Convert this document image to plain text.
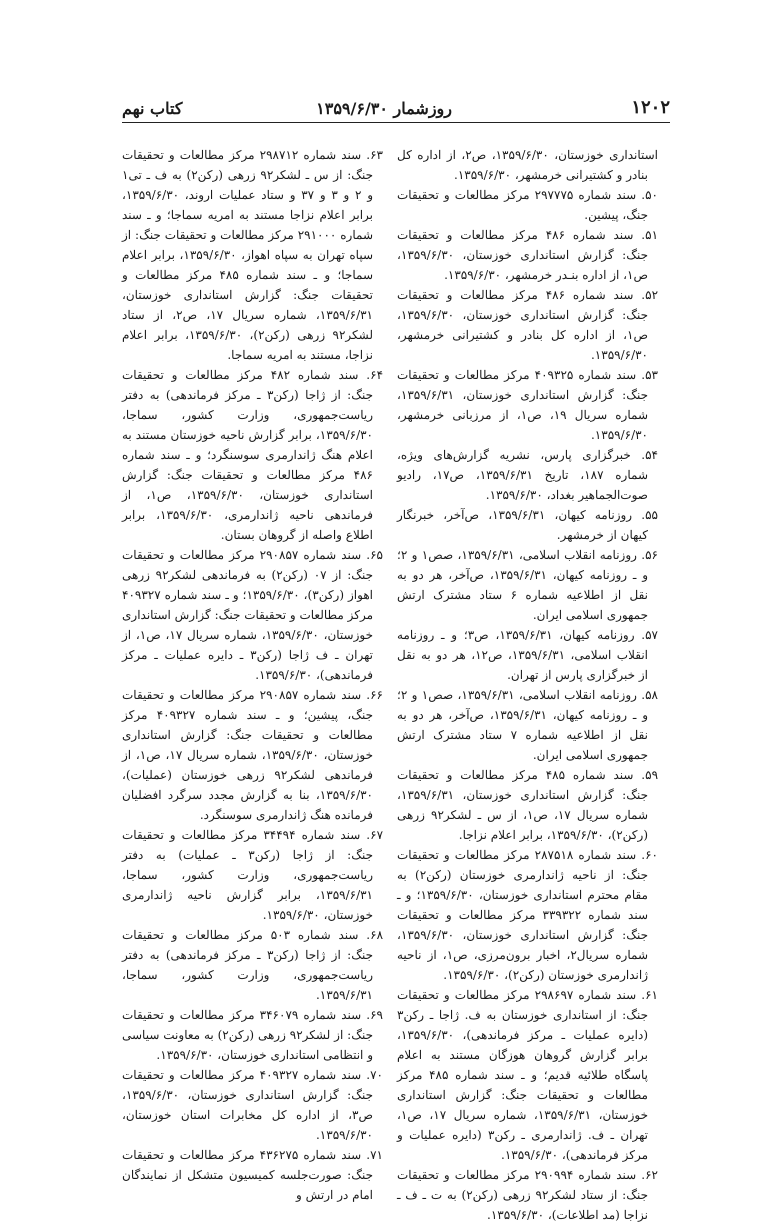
۱۲۰۲
روزشمار ۱۳۵۹/۶/۳۰
کتاب نهم

استانداری خوزستان، ۱۳۵۹/۶/۳۰، ص۲، از اداره کل بنادر و کشتیرانی خرمشهر، ۱۳۵۹/۶/۳۰.

۵۰. سند شماره ۲۹۷۷۷۵ مرکز مطالعات و تحقیقات جنگ، پیشین.

۵۱. سند شماره ۴۸۶ مرکز مطالعات و تحقیقات جنگ: گزارش استانداری خوزستان، ۱۳۵۹/۶/۳۰، ص۱، از اداره بنـدر خرمشهر، ۱۳۵۹/۶/۳۰.

۵۲. سند شماره ۴۸۶ مرکز مطالعات و تحقیقات جنگ: گزارش استانداری خوزستان، ۱۳۵۹/۶/۳۰، ص۱، از اداره کل بنادر و کشتیرانی خرمشهر، ۱۳۵۹/۶/۳۰.

۵۳. سند شماره ۴۰۹۳۲۵ مرکز مطالعات و تحقیقات جنگ: گزارش استانداری خوزستان، ۱۳۵۹/۶/۳۱، شماره سریال ۱۹، ص۱، از مرزبانی خرمشهر، ۱۳۵۹/۶/۳۰.

۵۴. خبرگزاری پارس، نشریه گزارش‌های ویژه، شماره ۱۸۷، تاریخ ۱۳۵۹/۶/۳۱، ص۱۷، رادیو صوت‌الجماهیر بغداد، ۱۳۵۹/۶/۳۰.

۵۵. روزنامه کیهان، ۱۳۵۹/۶/۳۱، ص‌آخر، خبرنگار کیهان از خرمشهر.

۵۶. روزنامه انقلاب اسلامی، ۱۳۵۹/۶/۳۱، صص۱ و ۲؛ و ـ روزنامه کیهان، ۱۳۵۹/۶/۳۱، ص‌آخر، هر دو به نقل از اطلاعیه شماره ۶ ستاد مشترک ارتش جمهوری اسلامی ایران.

۵۷. روزنامه کیهان، ۱۳۵۹/۶/۳۱، ص۳؛ و ـ روزنامه انقلاب اسلامی، ۱۳۵۹/۶/۳۱، ص۱۲، هر دو به نقل از خبرگزاری پارس از تهران.

۵۸. روزنامه انقلاب اسلامی، ۱۳۵۹/۶/۳۱، صص۱ و ۲؛ و ـ روزنامه کیهان، ۱۳۵۹/۶/۳۱، ص‌آخر، هر دو به نقل از اطلاعیه شماره ۷ ستاد مشترک ارتش جمهوری اسلامی ایران.

۵۹. سند شماره ۴۸۵ مرکز مطالعات و تحقیقات جنگ: گزارش استانداری خوزستان، ۱۳۵۹/۶/۳۱، شماره سریال ۱۷، ص۱، از س ـ لشکر۹۲ زرهی (رکن۲)، ۱۳۵۹/۶/۳۰، برابر اعلام نزاجا.

۶۰. سند شماره ۲۸۷۵۱۸ مرکز مطالعات و تحقیقات جنگ: از ناحیه ژاندارمری خوزستان (رکن۲) به مقام محترم استانداری خوزستان، ۱۳۵۹/۶/۳۰؛ و ـ سند شماره ۳۳۹۳۲۲ مرکز مطالعات و تحقیقات جنگ: گزارش استانداری خوزستان، ۱۳۵۹/۶/۳۰، شماره سریال۲، اخبار برون‌مرزی، ص۱، از ناحیه ژاندارمری خوزستان (رکن۲)، ۱۳۵۹/۶/۳۰.

۶۱. سند شماره ۲۹۸۶۹۷ مرکز مطالعات و تحقیقات جنگ: از استانداری خوزستان به ف. ژاجا ـ رکن۳ (دایره عملیات ـ مرکز فرماندهی)، ۱۳۵۹/۶/۳۰، برابر گزارش گروهان هوزگان مستند به اعلام پاسگاه طلائیه قدیم؛ و ـ سند شماره ۴۸۵ مرکز مطالعات و تحقیقات جنگ: گزارش استانداری خوزستان، ۱۳۵۹/۶/۳۱، شماره سریال ۱۷، ص۱، تهران ـ ف. ژاندارمری ـ رکن۳ (دایره عملیات و مرکز فرماندهی)، ۱۳۵۹/۶/۳۰.

۶۲. سند شماره ۲۹۰۹۹۴ مرکز مطالعات و تحقیقات جنگ: از ستاد لشکر۹۲ زرهی (رکن۲) به ت ـ ف ـ نزاجا (مد اطلاعات)، ۱۳۵۹/۶/۳۰.

۶۳. سند شماره ۲۹۸۷۱۲ مرکز مطالعات و تحقیقات جنگ: از س ـ لشکر۹۲ زرهی (رکن۲) به ف ـ تی۱ و ۲ و ۳ و ۳۷ و ستاد عملیات اروند، ۱۳۵۹/۶/۳۰، برابر اعلام نزاجا مستند به امریه سماجا؛ و ـ سند شماره ۲۹۱۰۰۰ مرکز مطالعات و تحقیقات جنگ: از سپاه تهران به سپاه اهواز، ۱۳۵۹/۶/۳۰، برابر اعلام سماجا؛ و ـ سند شماره ۴۸۵ مرکز مطالعات و تحقیقات جنگ: گزارش استانداری خوزستان، ۱۳۵۹/۶/۳۱، شماره سریال ۱۷، ص۲، از ستاد لشکر۹۲ زرهی (رکن۲)، ۱۳۵۹/۶/۳۰، برابر اعلام نزاجا، مستند به امریه سماجا.

۶۴. سند شماره ۴۸۲ مرکز مطالعات و تحقیقات جنگ: از ژاجا (رکن۳ ـ مرکز فرماندهی) به دفتر ریاست‌جمهوری، وزارت کشور، سماجا، ۱۳۵۹/۶/۳۰، برابر گزارش ناحیه خوزستان مستند به اعلام هنگ ژاندارمری سوسنگرد؛ و ـ سند شماره ۴۸۶ مرکز مطالعات و تحقیقات جنگ: گزارش استانداری خوزستان، ۱۳۵۹/۶/۳۰، ص۱، از فرماندهی ناحیه ژاندارمری، ۱۳۵۹/۶/۳۰، برابر اطلاع واصله از گروهان بستان.

۶۵. سند شماره ۲۹۰۸۵۷ مرکز مطالعات و تحقیقات جنگ: از ۰۷ (رکن۲) به فرماندهی لشکر۹۲ زرهی اهواز (رکن۳)، ۱۳۵۹/۶/۳۰؛ و ـ سند شماره ۴۰۹۳۲۷ مرکز مطالعات و تحقیقات جنگ: گزارش استانداری خوزستان، ۱۳۵۹/۶/۳۰، شماره سریال ۱۷، ص۱، از تهران ـ ف ژاجا (رکن۳ ـ دایره عملیات ـ مرکز فرماندهی)، ۱۳۵۹/۶/۳۰.

۶۶. سند شماره ۲۹۰۸۵۷ مرکز مطالعات و تحقیقات جنگ، پیشین؛ و ـ سند شماره ۴۰۹۳۲۷ مرکز مطالعات و تحقیقات جنگ: گزارش استانداری خوزستان، ۱۳۵۹/۶/۳۰، شماره سریال ۱۷، ص۱، از فرماندهی لشکر۹۲ زرهی خوزستان (عملیات)، ۱۳۵۹/۶/۳۰، بنا به گزارش مجدد سرگرد افضلیان فرمانده هنگ ژاندارمری سوسنگرد.

۶۷. سند شماره ۳۴۴۹۴ مرکز مطالعات و تحقیقات جنگ: از ژاجا (رکن۳ ـ عملیات) به دفتر ریاست‌جمهوری، وزارت کشور، سماجا، ۱۳۵۹/۶/۳۱، برابر گزارش ناحیه ژاندارمری خوزستان، ۱۳۵۹/۶/۳۰.

۶۸. سند شماره ۵۰۳ مرکز مطالعات و تحقیقات جنگ: از ژاجا (رکن۳ ـ مرکز فرماندهی) به دفتر ریاست‌جمهوری، وزارت کشور، سماجا، ۱۳۵۹/۶/۳۱.

۶۹. سند شماره ۳۴۶۰۷۹ مرکز مطالعات و تحقیقات جنگ: از لشکر۹۲ زرهی (رکن۲) به معاونت سیاسی و انتظامی استانداری خوزستان، ۱۳۵۹/۶/۳۰.

۷۰. سند شماره ۴۰۹۳۲۷ مرکز مطالعات و تحقیقات جنگ: گزارش استانداری خوزستان، ۱۳۵۹/۶/۳۰، ص۳، از اداره کل مخابرات استان خوزستان، ۱۳۵۹/۶/۳۰.

۷۱. سند شماره ۴۳۶۲۷۵ مرکز مطالعات و تحقیقات جنگ: صورت‌جلسه کمیسیون متشکل از نمایندگان امام در ارتش و
